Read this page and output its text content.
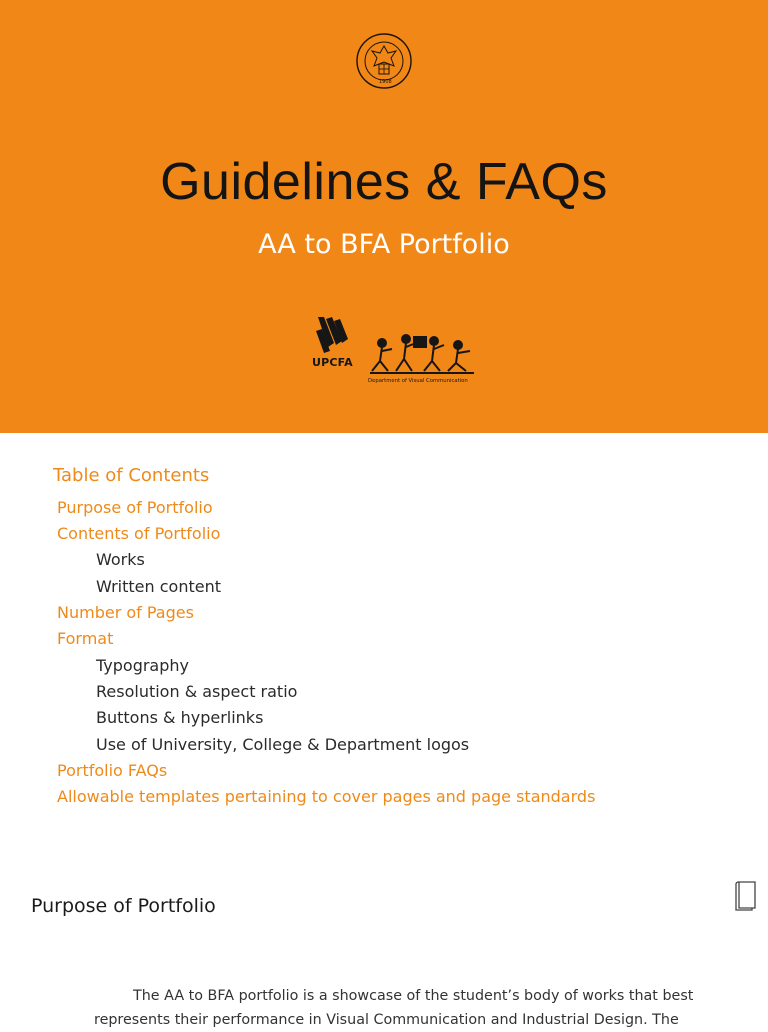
1908
Guidelines & FAQs
AA to BFA Portfolio
UPCFA
Department of Visual Communication
Table of Contents
Purpose of Portfolio
Contents of Portfolio
Works
Written content
Number of Pages
Format
Typography
Resolution & aspect ratio
Buttons & hyperlinks
Use of University, College & Department logos
Portfolio FAQs
Allowable templates pertaining to cover pages and page standards
Purpose of Portfolio

The AA to BFA portfolio is a showcase of the student’s body of works that best represents their performance in Visual Communication and Industrial Design. The
